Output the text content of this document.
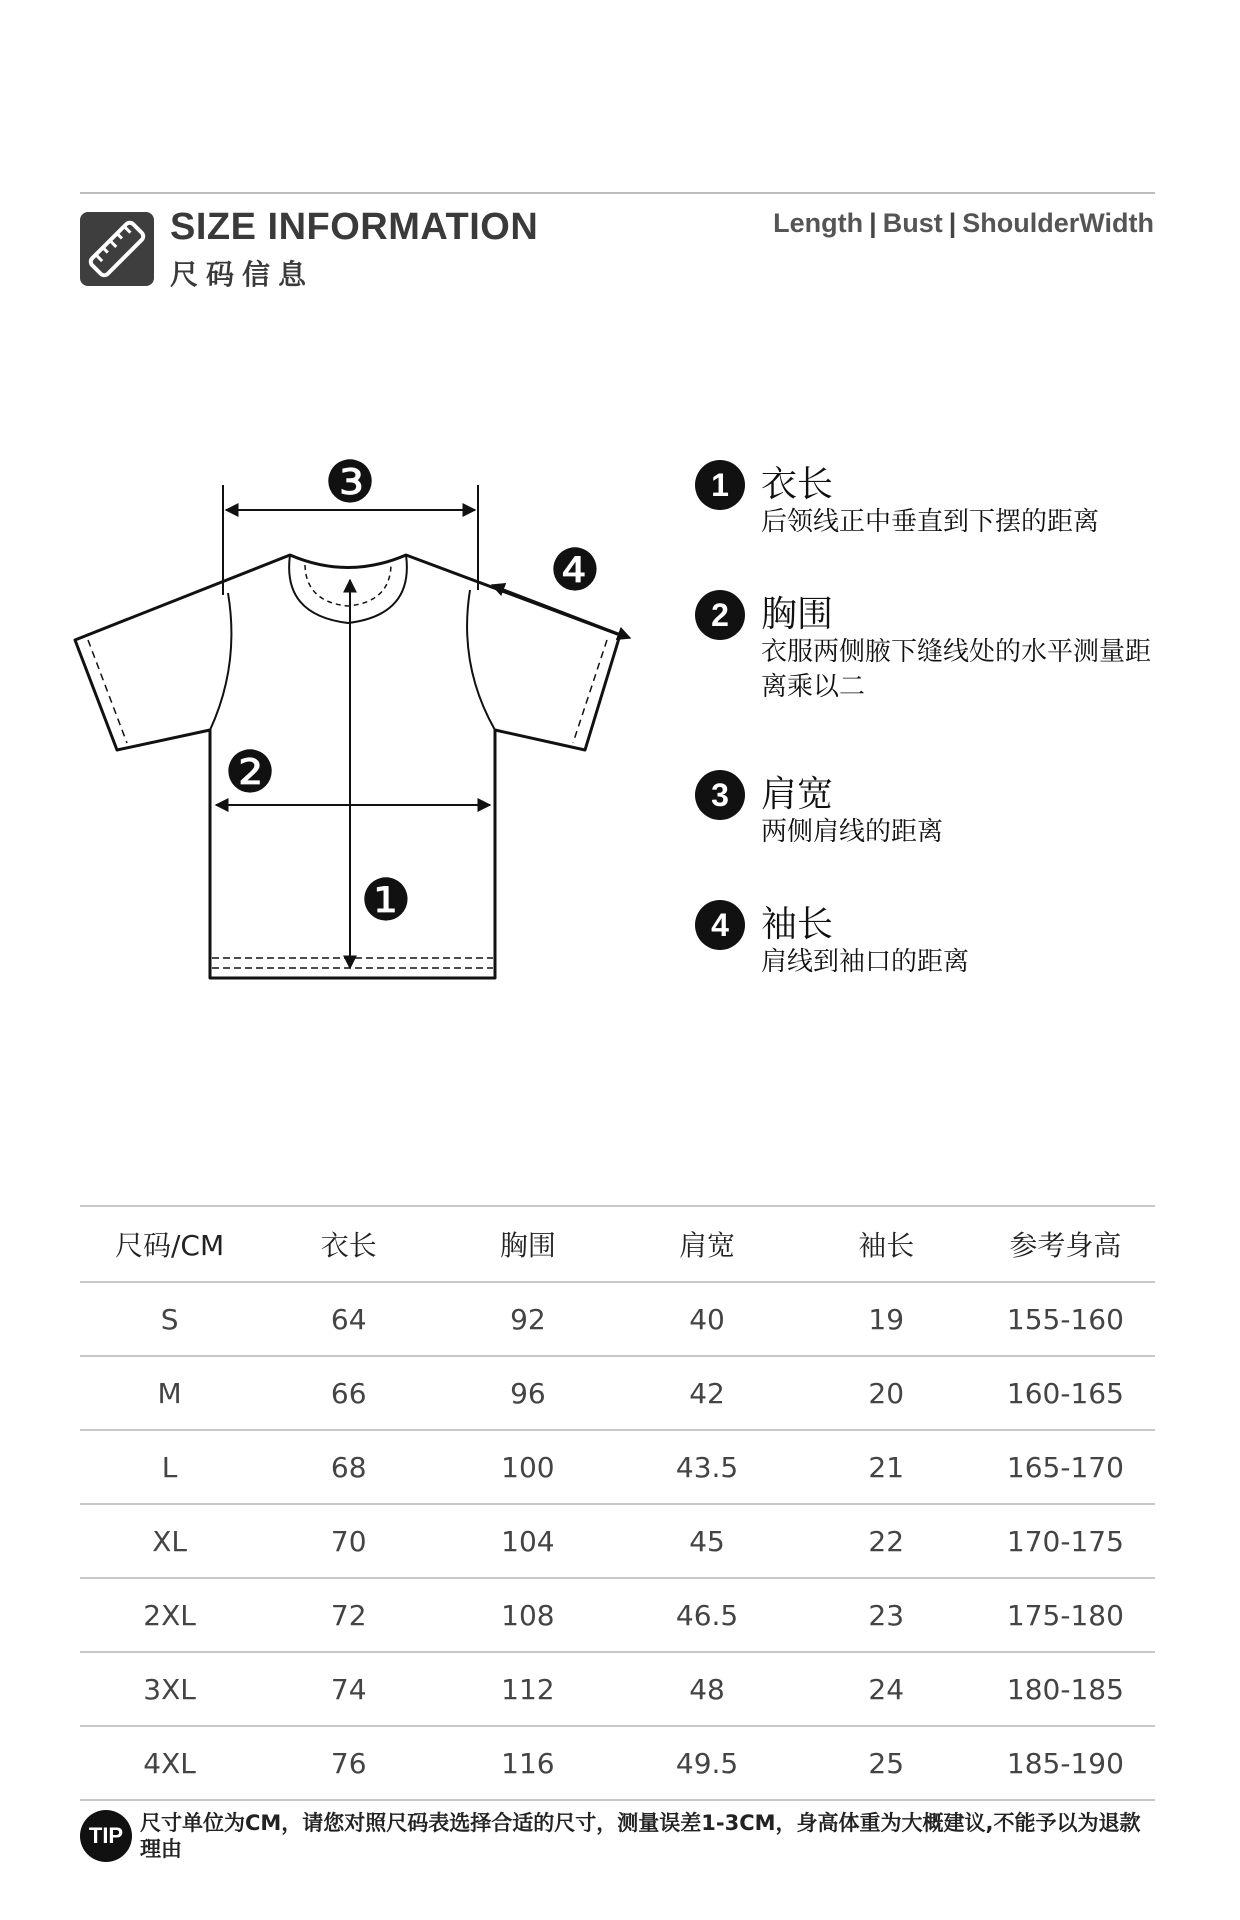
SIZE INFORMATION
尺码信息
Length | Bust | ShoulderWidth
❸
❹
❷
❶
1 衣长
后领线正中垂直到下摆的距离
2 胸围
衣服两侧腋下缝线处的水平测量距离乘以二
3 肩宽
两侧肩线的距离
4 袖长
肩线到袖口的距离
尺码/CM	衣长	胸围	肩宽	袖长	参考身高
S	64	92	40	19	155-160
M	66	96	42	20	160-165
L	68	100	43.5	21	165-170
XL	70	104	45	22	170-175
2XL	72	108	46.5	23	175-180
3XL	74	112	48	24	180-185
4XL	76	116	49.5	25	185-190
TIP 尺寸单位为CM，请您对照尺码表选择合适的尺寸，测量误差1-3CM，身高体重为大概建议,不能予以为退款理由
